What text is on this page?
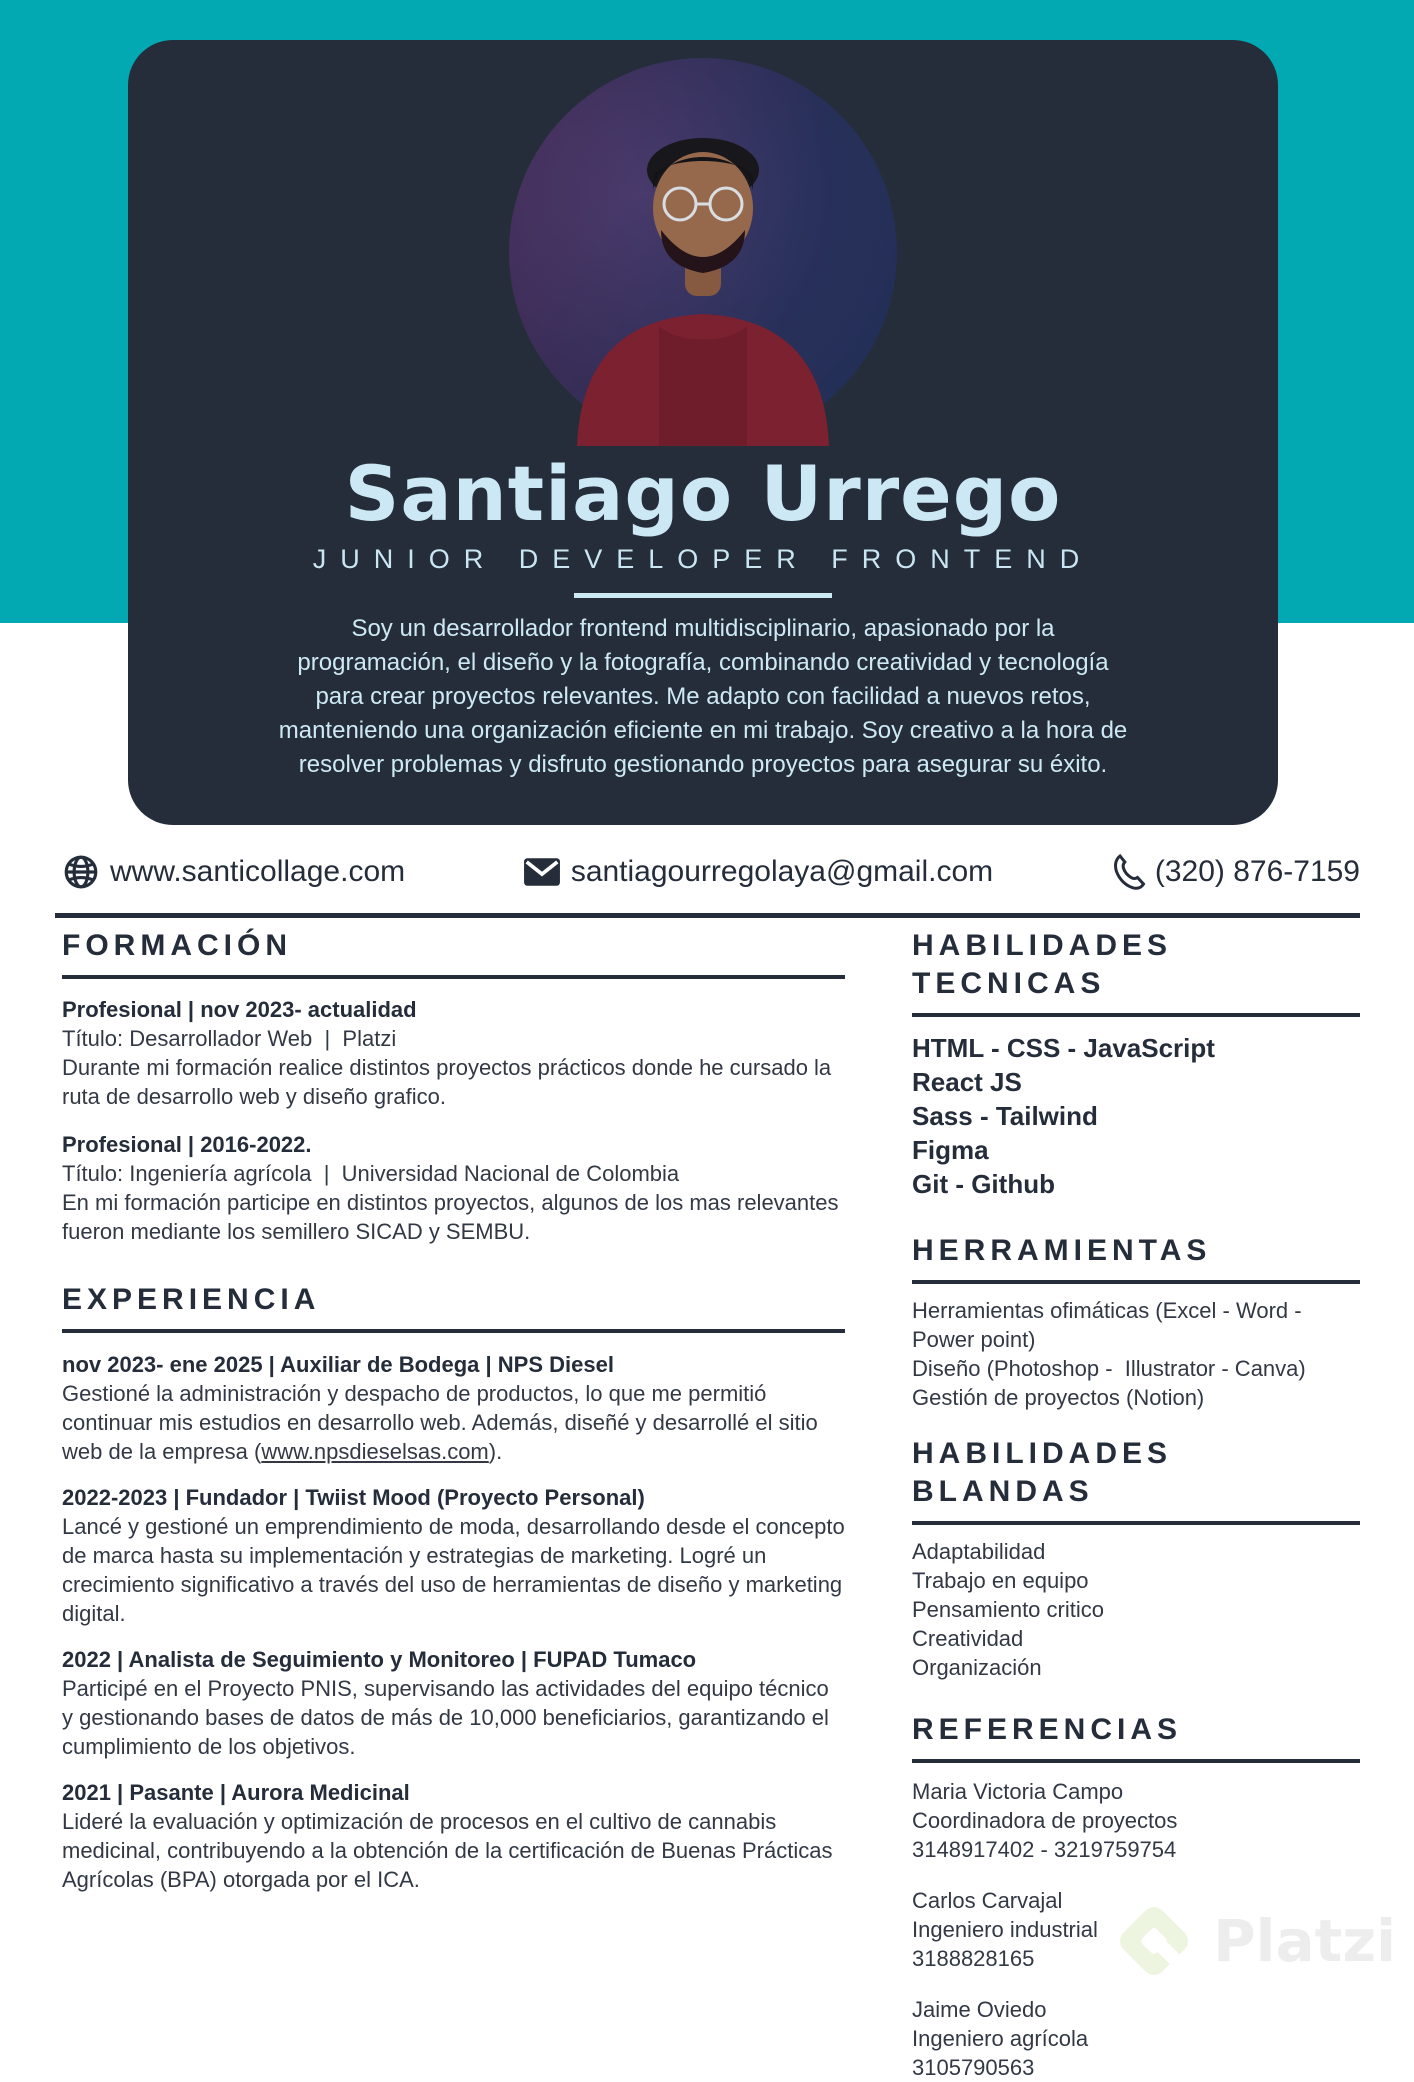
Santiago Urrego
JUNIOR DEVELOPER FRONTEND
Soy un desarrollador frontend multidisciplinario, apasionado por la
programación, el diseño y la fotografía, combinando creatividad y tecnología
para crear proyectos relevantes. Me adapto con facilidad a nuevos retos,
manteniendo una organización eficiente en mi trabajo. Soy creativo a la hora de
resolver problemas y disfruto gestionando proyectos para asegurar su éxito.
www.santicollage.com	santiagourregolaya@gmail.com	(320) 876-7159
FORMACIÓN
Profesional | nov 2023- actualidad
Título: Desarrollador Web  |  Platzi
Durante mi formación realice distintos proyectos prácticos donde he cursado la ruta de desarrollo web y diseño grafico.
Profesional | 2016-2022.
Título: Ingeniería agrícola  |  Universidad Nacional de Colombia
En mi formación participe en distintos proyectos, algunos de los mas relevantes fueron mediante los semillero SICAD y SEMBU.
EXPERIENCIA
nov 2023- ene 2025 | Auxiliar de Bodega | NPS Diesel
Gestioné la administración y despacho de productos, lo que me permitió continuar mis estudios en desarrollo web. Además, diseñé y desarrollé el sitio web de la empresa (www.npsdieselsas.com).
2022-2023 | Fundador | Twiist Mood (Proyecto Personal)
Lancé y gestioné un emprendimiento de moda, desarrollando desde el concepto de marca hasta su implementación y estrategias de marketing. Logré un crecimiento significativo a través del uso de herramientas de diseño y marketing digital.
2022 | Analista de Seguimiento y Monitoreo | FUPAD Tumaco
Participé en el Proyecto PNIS, supervisando las actividades del equipo técnico y gestionando bases de datos de más de 10,000 beneficiarios, garantizando el cumplimiento de los objetivos.
2021 | Pasante | Aurora Medicinal
Lideré la evaluación y optimización de procesos en el cultivo de cannabis medicinal, contribuyendo a la obtención de la certificación de Buenas Prácticas Agrícolas (BPA) otorgada por el ICA.
HABILIDADES TECNICAS
HTML - CSS - JavaScript
React JS
Sass - Tailwind
Figma
Git - Github
HERRAMIENTAS
Herramientas ofimáticas (Excel - Word - Power point)
Diseño (Photoshop -  Illustrator - Canva)
Gestión de proyectos (Notion)
HABILIDADES BLANDAS
Adaptabilidad
Trabajo en equipo
Pensamiento critico
Creatividad
Organización
REFERENCIAS
Maria Victoria Campo
Coordinadora de proyectos
3148917402 - 3219759754
Carlos Carvajal
Ingeniero industrial
3188828165
Jaime Oviedo
Ingeniero agrícola
3105790563
Platzi
